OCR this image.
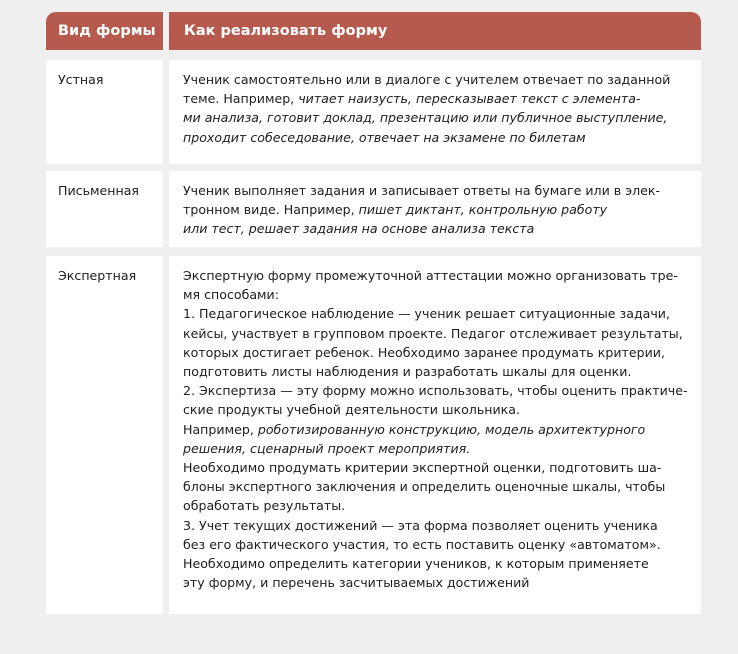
Вид формы	Как реализовать форму
Устная	Ученик самостоятельно или в диалоге с учителем отвечает по заданной

теме. Например, читает наизусть, пересказывает текст с элемента-

ми анализа, готовит доклад, презентацию или публичное выступление,

проходит собеседование, отвечает на экзамене по билетам

Письменная	Ученик выполняет задания и записывает ответы на бумаге или в элек-

тронном виде. Например, пишет диктант, контрольную работу

или тест, решает задания на основе анализа текста

Экспертная	Экспертную форму промежуточной аттестации можно организовать тре-

мя способами:

1. Педагогическое наблюдение — ученик решает ситуационные задачи,

кейсы, участвует в групповом проекте. Педагог отслеживает результаты,

которых достигает ребенок. Необходимо заранее продумать критерии,

подготовить листы наблюдения и разработать шкалы для оценки.

2. Экспертиза — эту форму можно использовать, чтобы оценить практиче-

ские продукты учебной деятельности школьника.

Например, роботизированную конструкцию, модель архитектурного

решения, сценарный проект мероприятия.

Необходимо продумать критерии экспертной оценки, подготовить ша-

блоны экспертного заключения и определить оценочные шкалы, чтобы

обработать результаты.

3. Учет текущих достижений — эта форма позволяет оценить ученика

без его фактического участия, то есть поставить оценку «автоматом».

Необходимо определить категории учеников, к которым применяете

эту форму, и перечень засчитываемых достижений
